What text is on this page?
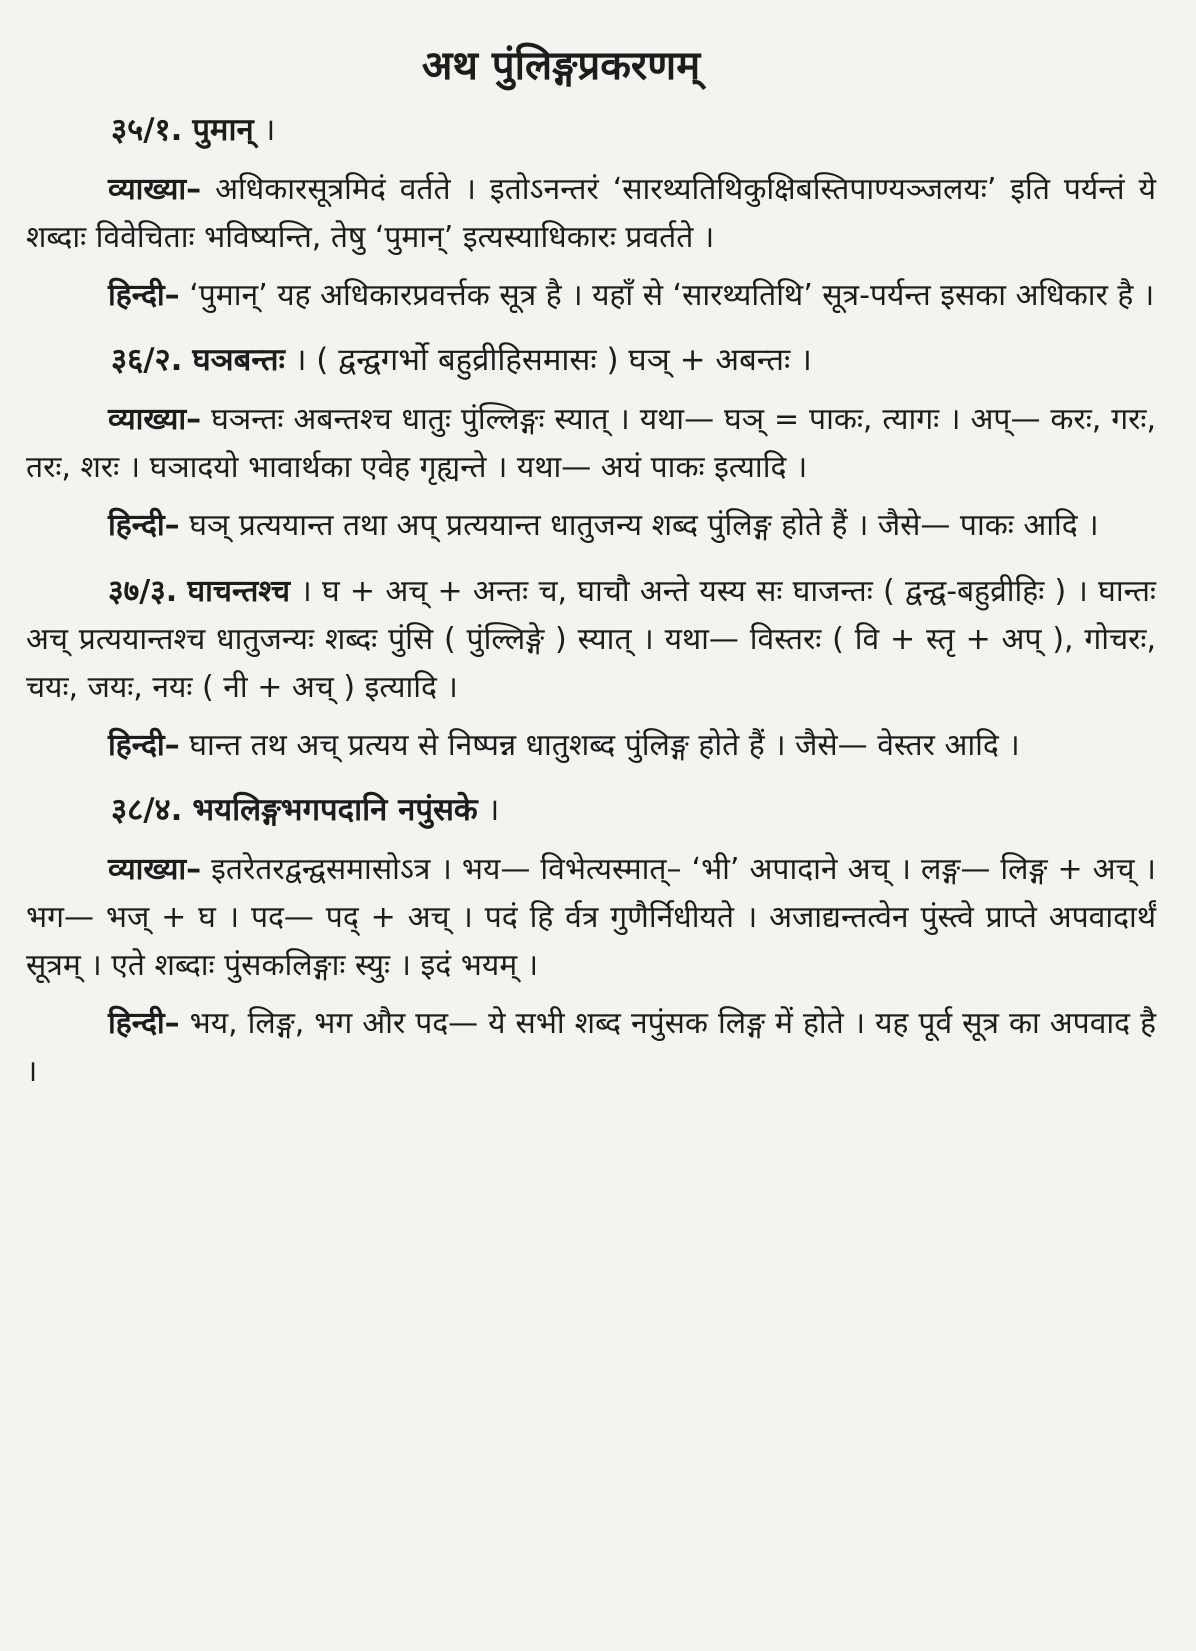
अथ पुंलिङ्गप्रकरणम्
३५/१. पुमान् ।

व्याख्या– अधिकारसूत्रमिदं वर्तते । इतोऽनन्तरं ‘सारथ्यतिथिकुक्षिबस्तिपाण्यञ्जलयः’ इति पर्यन्तं ये शब्दाः विवेचिताः भविष्यन्ति, तेषु ‘पुमान्’ इत्यस्याधिकारः प्रवर्तते ।

हिन्दी– ‘पुमान्’ यह अधिकारप्रवर्त्तक सूत्र है । यहाँ से ‘सारथ्यतिथि’ सूत्र-पर्यन्त इसका अधिकार है ।

३६/२. घञबन्तः । ( द्वन्द्वगर्भो बहुव्रीहिसमासः ) घञ् + अबन्तः ।

व्याख्या– घञन्तः अबन्तश्च धातुः पुंल्लिङ्गः स्यात् । यथा— घञ् = पाकः, त्यागः । अप्— करः, गरः, तरः, शरः । घञादयो भावार्थका एवेह गृह्यन्ते । यथा— अयं पाकः इत्यादि ।

हिन्दी– घञ् प्रत्ययान्त तथा अप् प्रत्ययान्त धातुजन्य शब्द पुंलिङ्ग होते हैं । जैसे— पाकः आदि ।

३७/३. घाचन्तश्च । घ + अच् + अन्तः च, घाचौ अन्ते यस्य सः घाजन्तः ( द्वन्द्व-बहुव्रीहिः ) । घान्तः अच् प्रत्ययान्तश्च धातुजन्यः शब्दः पुंसि ( पुंल्लिङ्गे ) स्यात् । यथा— विस्तरः ( वि + स्तृ + अप् ), गोचरः, चयः, जयः, नयः ( नी + अच् ) इत्यादि ।

हिन्दी– घान्त तथ अच् प्रत्यय से निष्पन्न धातुशब्द पुंलिङ्ग होते हैं । जैसे— वेस्तर आदि ।

३८/४. भयलिङ्गभगपदानि नपुंसके ।

व्याख्या– इतरेतरद्वन्द्वसमासोऽत्र । भय— विभेत्यस्मात्– ‘भी’ अपादाने अच् । लङ्ग— लिङ्ग + अच् । भग— भज् + घ । पद— पद् + अच् । पदं हि र्वत्र गुणैर्निधीयते । अजाद्यन्तत्वेन पुंस्त्वे प्राप्ते अपवादार्थं सूत्रम् । एते शब्दाः पुंसकलिङ्गाः स्युः । इदं भयम् ।

हिन्दी– भय, लिङ्ग, भग और पद— ये सभी शब्द नपुंसक लिङ्ग में होते । यह पूर्व सूत्र का अपवाद है ।
